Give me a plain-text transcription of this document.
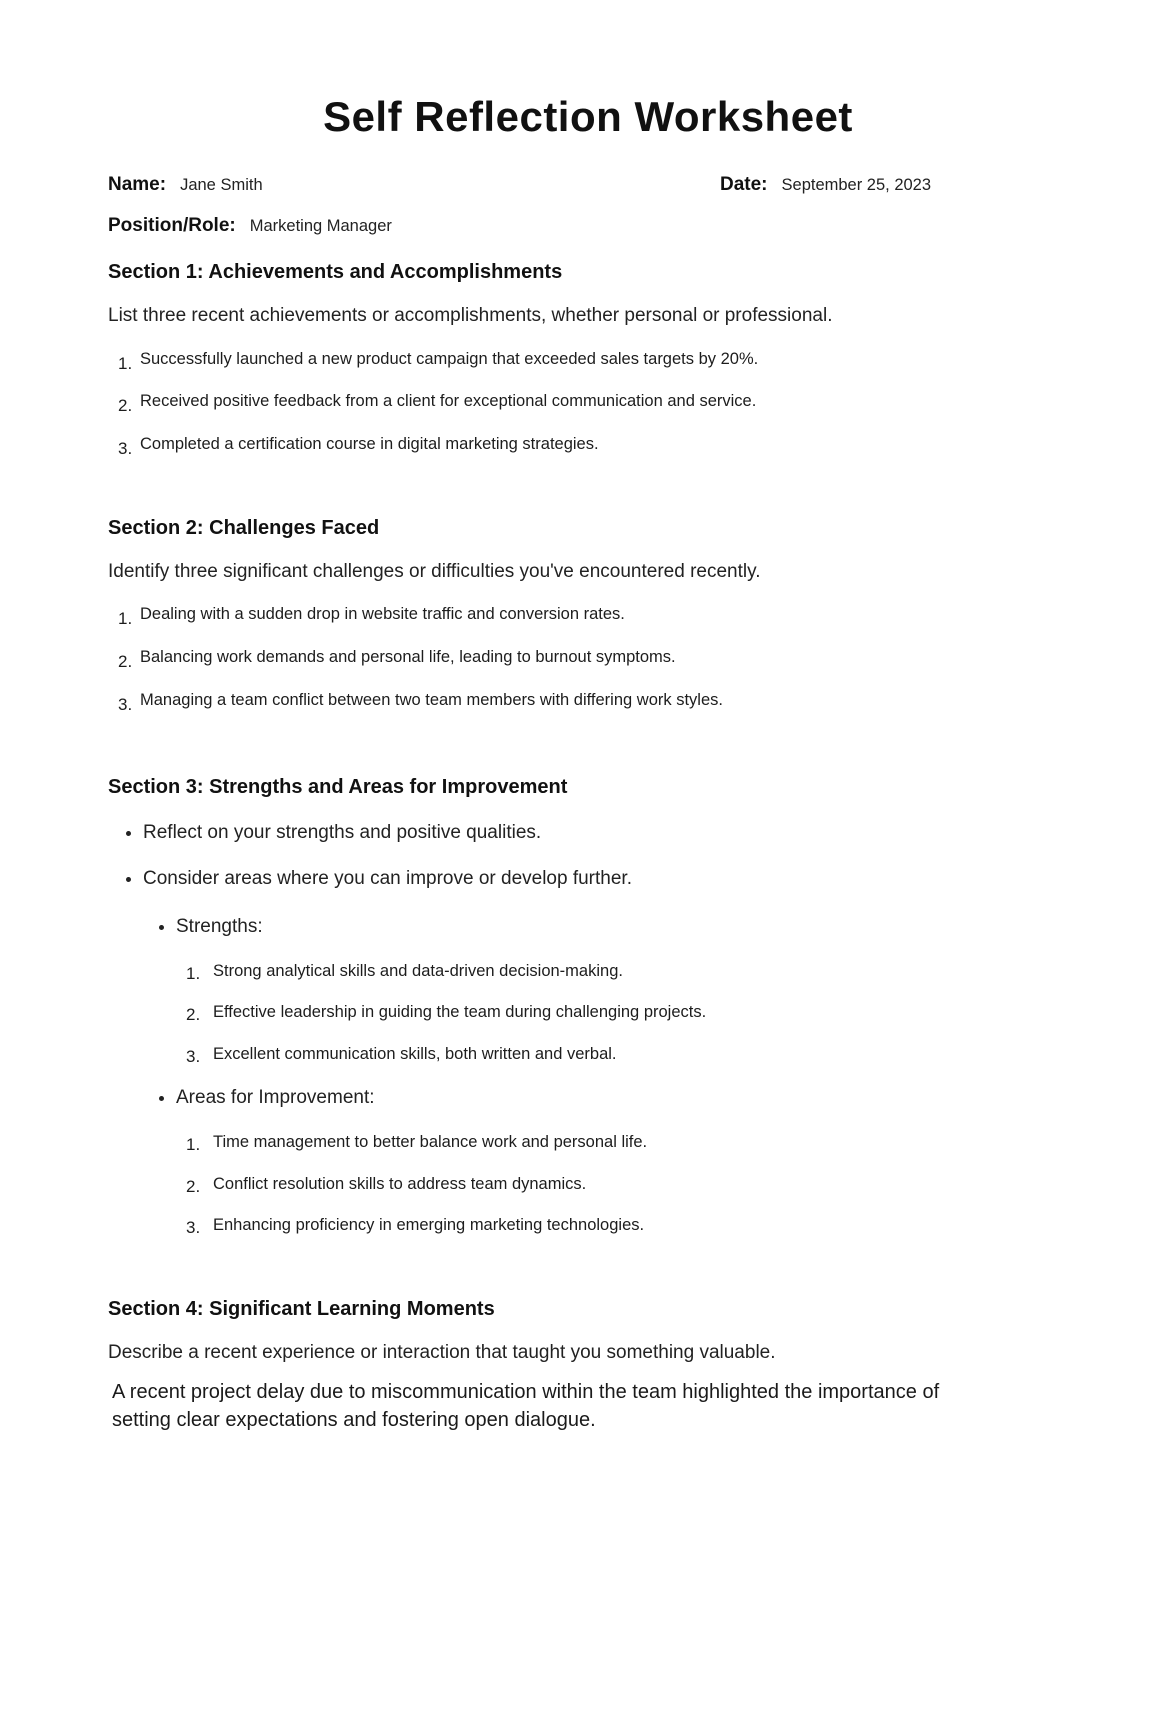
Self Reflection Worksheet
Name: Jane Smith	Date: September 25, 2023
Position/Role: Marketing Manager
Section 1: Achievements and Accomplishments

List three recent achievements or accomplishments, whether personal or professional.

Successfully launched a new product campaign that exceeded sales targets by 20%.
Received positive feedback from a client for exceptional communication and service.
Completed a certification course in digital marketing strategies.
Section 2: Challenges Faced

Identify three significant challenges or difficulties you've encountered recently.

Dealing with a sudden drop in website traffic and conversion rates.
Balancing work demands and personal life, leading to burnout symptoms.
Managing a team conflict between two team members with differing work styles.
Section 3: Strengths and Areas for Improvement
• Reflect on your strengths and positive qualities.
• Consider areas where you can improve or develop further.
• Strengths:
Strong analytical skills and data-driven decision-making.
Effective leadership in guiding the team during challenging projects.
Excellent communication skills, both written and verbal.
• Areas for Improvement:
Time management to better balance work and personal life.
Conflict resolution skills to address team dynamics.
Enhancing proficiency in emerging marketing technologies.
Section 4: Significant Learning Moments

Describe a recent experience or interaction that taught you something valuable.

A recent project delay due to miscommunication within the team highlighted the importance of setting clear expectations and fostering open dialogue.
